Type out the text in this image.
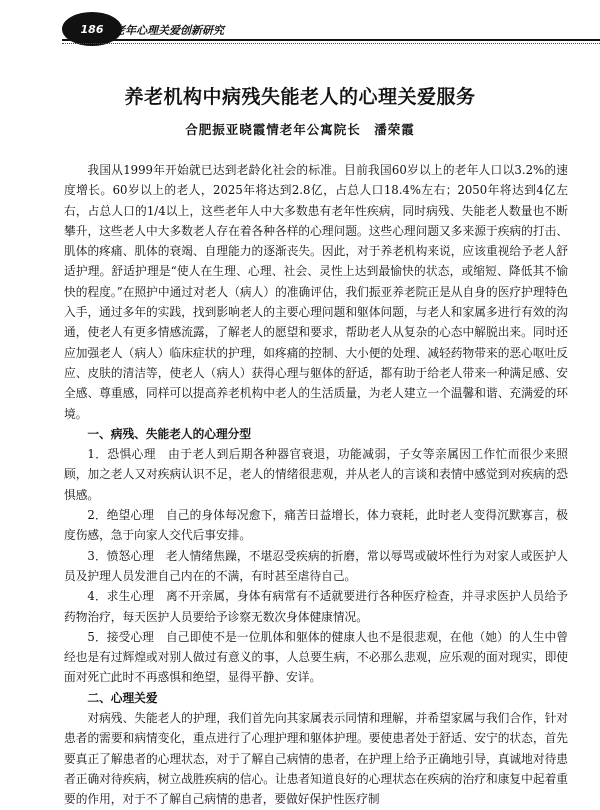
186 老年心理关爱创新研究
养老机构中病残失能老人的心理关爱服务
合肥振亚晓霞情老年公寓院长　潘荣霞

我国从1999年开始就已达到老龄化社会的标准。目前我国60岁以上的老年人口以3.2%的速度增长。60岁以上的老人，2025年将达到2.8亿，占总人口18.4%左右；2050年将达到4亿左右，占总人口的1/4以上，这些老年人中大多数患有老年性疾病，同时病残、失能老人数量也不断攀升，这些老人中大多数老人存在着各种各样的心理问题。这些心理问题又多来源于疾病的打击、肌体的疼痛、肌体的衰竭、自理能力的逐渐丧失。因此，对于养老机构来说，应该重视给予老人舒适护理。舒适护理是“使人在生理、心理、社会、灵性上达到最愉快的状态，或缩短、降低其不愉快的程度。”在照护中通过对老人（病人）的准确评估，我们振亚养老院正是从自身的医疗护理特色入手，通过多年的实践，找到影响老人的主要心理问题和躯体问题，与老人和家属多进行有效的沟通，使老人有更多情感流露，了解老人的愿望和要求，帮助老人从复杂的心态中解脱出来。同时还应加强老人（病人）临床症状的护理，如疼痛的控制、大小便的处理、减轻药物带来的恶心呕吐反应、皮肤的清洁等，使老人（病人）获得心理与躯体的舒适，都有助于给老人带来一种满足感、安全感、尊重感，同样可以提高养老机构中老人的生活质量，为老人建立一个温馨和谐、充满爱的环境。

一、病残、失能老人的心理分型

1．恐惧心理　由于老人到后期各种器官衰退，功能减弱，子女等亲属因工作忙而很少来照顾，加之老人又对疾病认识不足，老人的情绪很悲观，并从老人的言谈和表情中感觉到对疾病的恐惧感。

2．绝望心理　自己的身体每况愈下，痛苦日益增长，体力衰耗，此时老人变得沉默寡言，极度伤感，急于向家人交代后事安排。

3．愤怒心理　老人情绪焦躁，不堪忍受疾病的折磨，常以辱骂或破坏性行为对家人或医护人员及护理人员发泄自己内在的不满，有时甚至虐待自己。

4．求生心理　离不开亲属，身体有病常有不适就要进行各种医疗检查，并寻求医护人员给予药物治疗，每天医护人员要给予诊察无数次身体健康情况。

5．接受心理　自己即使不是一位肌体和躯体的健康人也不是很悲观，在他（她）的人生中曾经也是有过辉煌或对别人做过有意义的事，人总要生病，不必那么悲观，应乐观的面对现实，即使面对死亡此时不再惑惧和绝望，显得平静、安详。

二、心理关爱

对病残、失能老人的护理，我们首先向其家属表示同情和理解，并希望家属与我们合作，针对患者的需要和病情变化，重点进行了心理护理和躯体护理。要使患者处于舒适、安宁的状态，首先要真正了解患者的心理状态，对于了解自己病情的患者，在护理上给予正确地引导，真诚地对待患者正确对待疾病，树立战胜疾病的信心。让患者知道良好的心理状态在疾病的治疗和康复中起着重要的作用，对于不了解自己病情的患者，要做好保护性医疗制
